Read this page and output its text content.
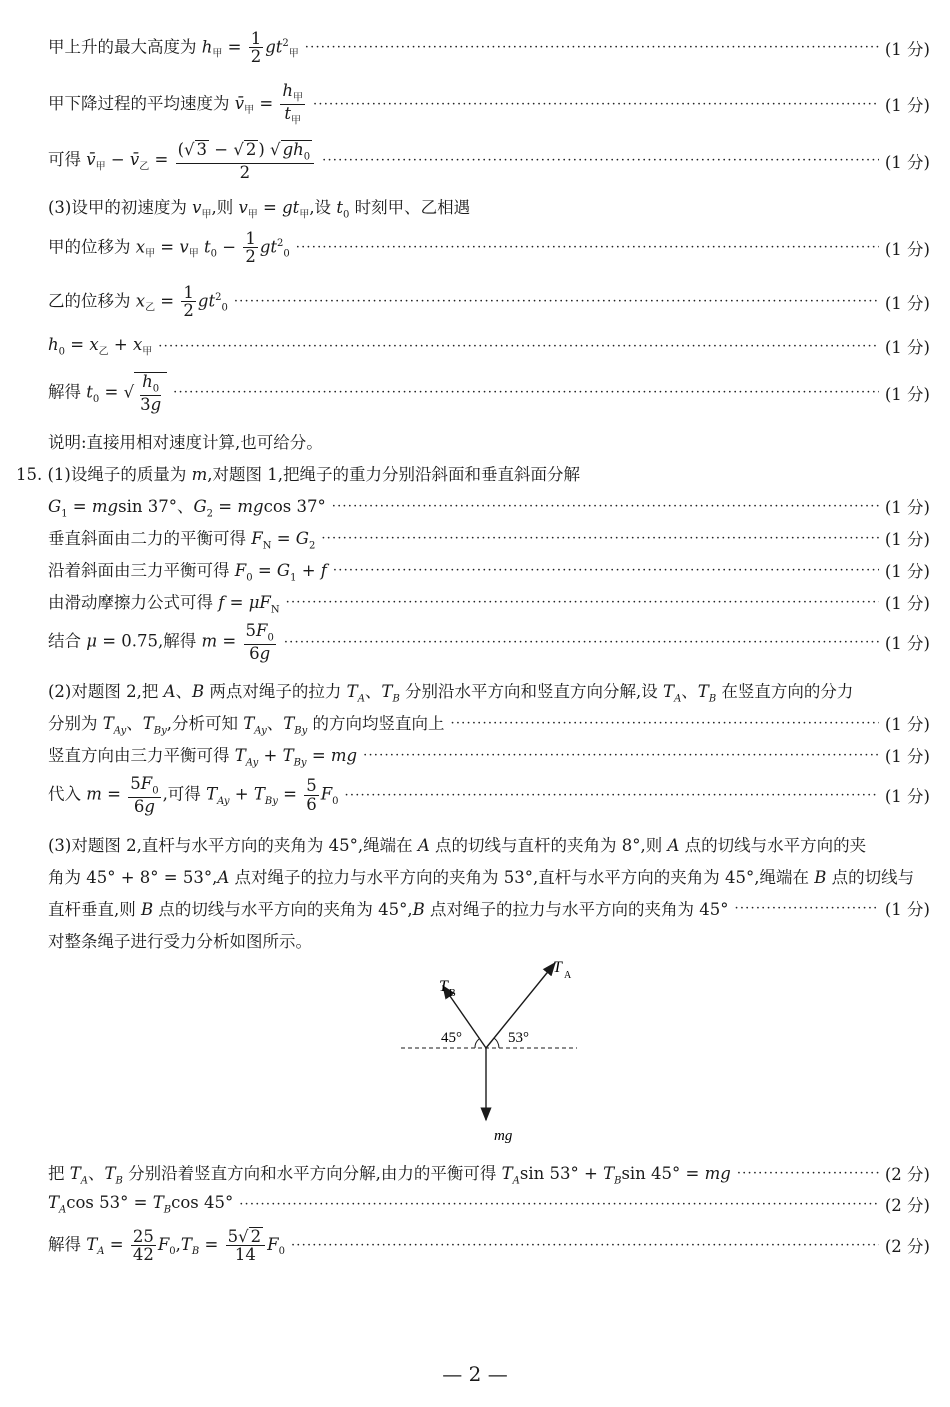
甲上升的最大高度为 $h_甲 = \frac{1}{2} gt^2_甲$ ·····	(1 分)
甲下降过程的平均速度为 $v̄_甲 = \frac{h_甲}{t_甲}$ ·····	(1 分)
可得 $v̄_甲$ − $v̄_乙 = \frac{(√ 3 - √ 2 ) √ gh_0}{2}$ ·····	(1 分)
(3)设甲的初速度为 $v_甲$,则 $v_甲 = gt_甲$,设 $t_0$ 时刻甲、乙相遇
甲的位移为 $x_甲 = v_甲$ $t_0 - \frac{1}{2} gt^2_0$ ·····	(1 分)
乙的位移为 $x_乙 = \frac{1}{2} gt^2_0$ ·····	(1 分)
$h_0 = x_乙 + x_甲$ ·····	(1 分)
解得 $t_0$ = √ $\frac{h_0}{3g}$ ·····	(1 分)
说明:直接用相对速度计算,也可给分。
15. (1)设绳子的质量为 m,对题图 1,把绳子的重力分别沿斜面和垂直斜面分解
$G_1 = mgsin$ 37°、$G_2 = mgcos$ 37° ·····	(1 分)
垂直斜面由二力的平衡可得 $F_N = G_2$ ·····	(1 分)
沿着斜面由三力平衡可得 $F_0 = G_1 + f$ ·····	(1 分)
由滑动摩擦力公式可得 $f = \mu F_N$ ·····	(1 分)
结合 μ = 0.75,解得 $m = \frac{5F_0}{6g}$ ·····	(1 分)
(2)对题图 2,把 A、B 两点对绳子的拉力 $T_A$、$T_B$ 分别沿水平方向和竖直方向分解,设 $T_A$、$T_B$ 在竖直方向的分力
分别为 $T_{Ay}$、$T_{By}$,分析可知 $T_{Ay}$、$T_{By}$ 的方向均竖直向上 ·····	(1 分)
竖直方向由三力平衡可得 $T_{Ay} + T_{By}$ = mg ·····	(1 分)
代入 $m = \frac{5F_0}{6g}$ ,可得 $T_{Ay} + T_{By} = \frac{5}{6} F_0$ ·····	(1 分)
(3)对题图 2,直杆与水平方向的夹角为 45°,绳端在 A 点的切线与直杆的夹角为 8°,则 A 点的切线与水平方向的夹
角为 45° + 8° = 53°,A 点对绳子的拉力与水平方向的夹角为 53°,直杆与水平方向的夹角为 45°,绳端在 B 点的切线与
直杆垂直,则 B 点的切线与水平方向的夹角为 45°,B 点对绳子的拉力与水平方向的夹角为 45° ·····	(1 分)
对整条绳子进行受力分析如图所示。
T B
T A
45°	53°
mg
把 $T_A$、$T_B$ 分别沿着竖直方向和水平方向分解,由力的平衡可得 $T_A\sin$ $53^\circ + T_B\sin$ 45° = mg ·····	(2 分)
$T_A\cos$ $53^\circ = T_B\cos$ 45° ·····	(2 分)
解得 $T_A = \frac{25}{42} F_0,T_B = \frac{5√ 2}{14} F_0$ ·····	(2 分)
— 2 —
